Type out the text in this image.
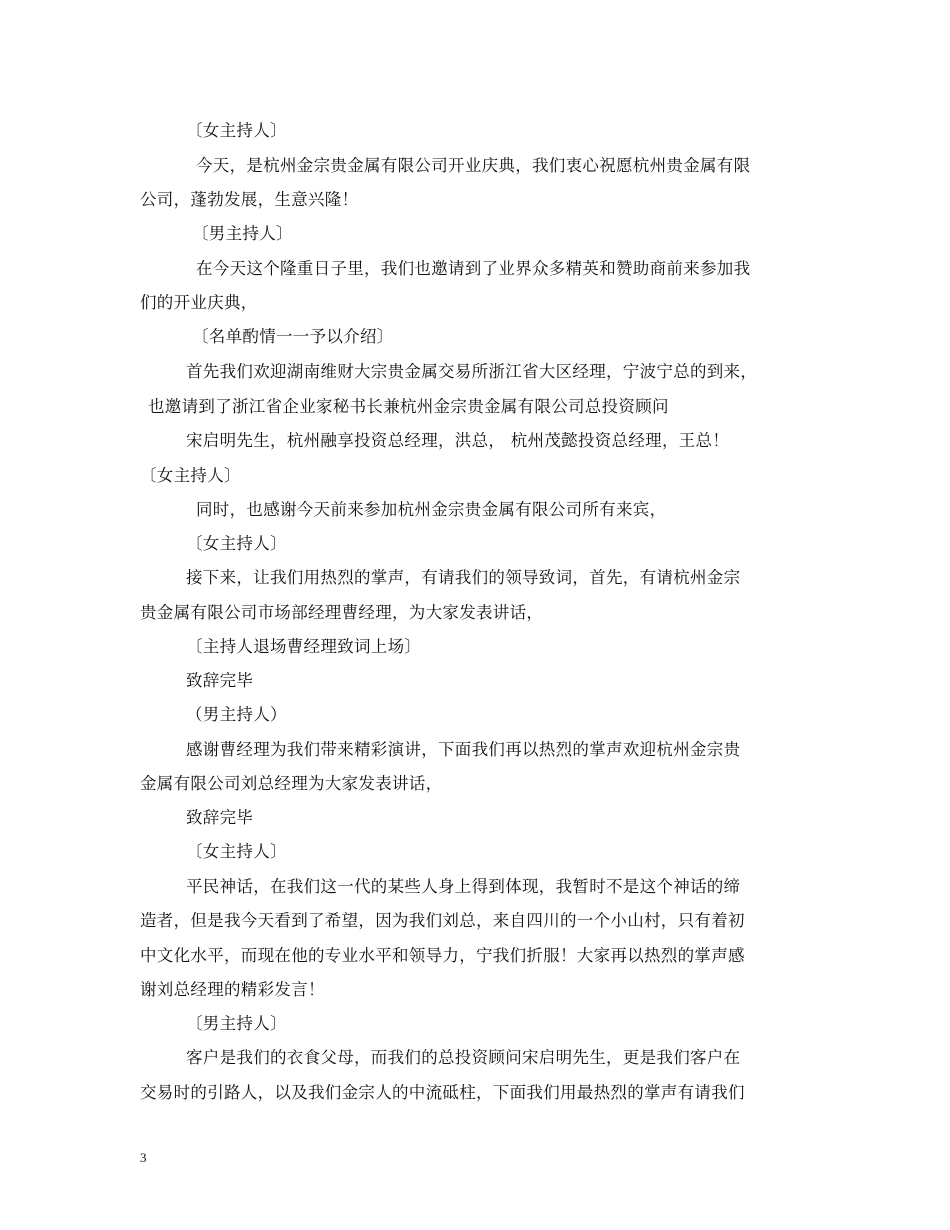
〔女主持人〕
今天，是杭州金宗贵金属有限公司开业庆典，我们衷心祝愿杭州贵金属有限
公司，蓬勃发展，生意兴隆！
〔男主持人〕
在今天这个隆重日子里，我们也邀请到了业界众多精英和赞助商前来参加我
们的开业庆典，
〔名单酌情一一予以介绍〕
首先我们欢迎湖南维财大宗贵金属交易所浙江省大区经理，宁波宁总的到来，
也邀请到了浙江省企业家秘书长兼杭州金宗贵金属有限公司总投资顾问
宋启明先生，杭州融享投资总经理，洪总， 杭州茂懿投资总经理，王总！
〔女主持人〕
同时，也感谢今天前来参加杭州金宗贵金属有限公司所有来宾，
〔女主持人〕
接下来，让我们用热烈的掌声，有请我们的领导致词，首先，有请杭州金宗
贵金属有限公司市场部经理曹经理，为大家发表讲话，
〔主持人退场曹经理致词上场〕
致辞完毕
（男主持人）
感谢曹经理为我们带来精彩演讲，下面我们再以热烈的掌声欢迎杭州金宗贵
金属有限公司刘总经理为大家发表讲话，
致辞完毕
〔女主持人〕
平民神话，在我们这一代的某些人身上得到体现，我暂时不是这个神话的缔
造者，但是我今天看到了希望，因为我们刘总，来自四川的一个小山村，只有着初
中文化水平，而现在他的专业水平和领导力，宁我们折服！大家再以热烈的掌声感
谢刘总经理的精彩发言！
〔男主持人〕
客户是我们的衣食父母，而我们的总投资顾问宋启明先生，更是我们客户在
交易时的引路人，以及我们金宗人的中流砥柱，下面我们用最热烈的掌声有请我们
3
